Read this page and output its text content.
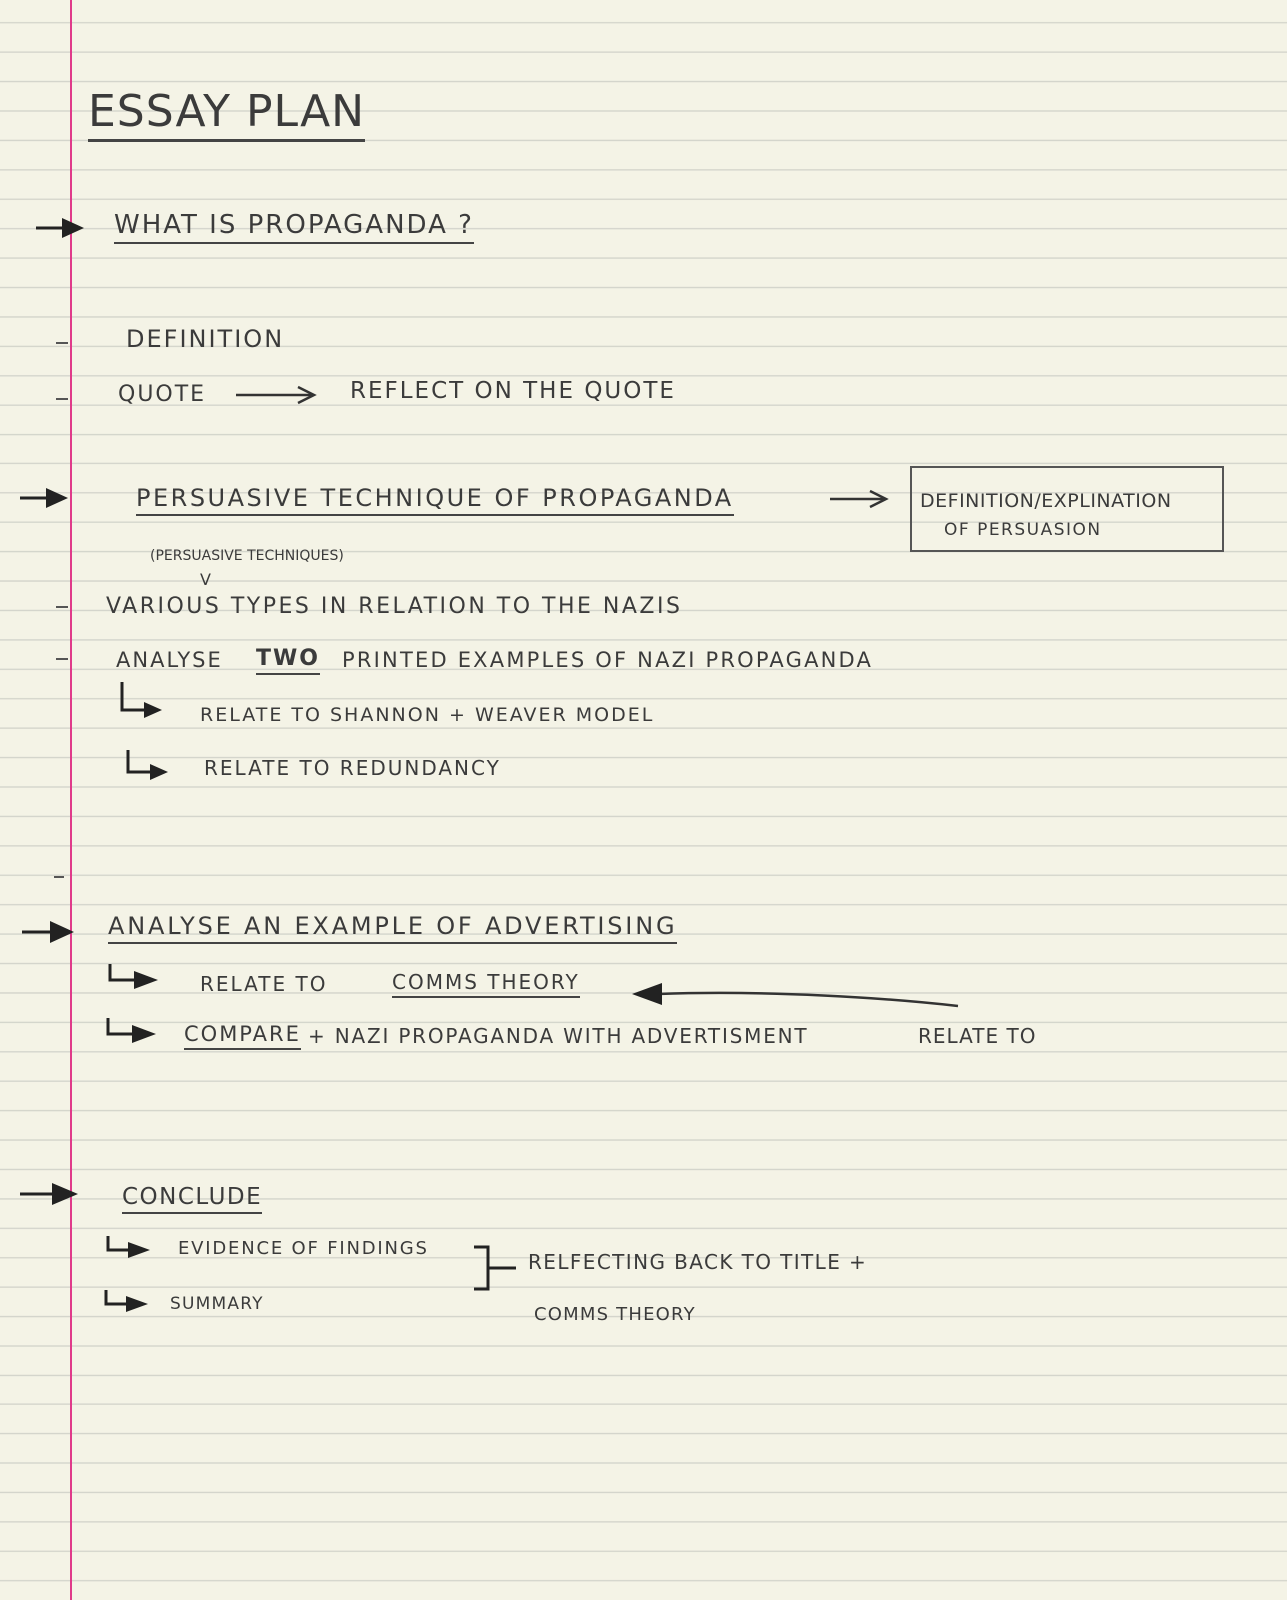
ESSAY PLAN
WHAT IS PROPAGANDA ?
DEFINITION
QUOTE	REFLECT ON THE QUOTE
PERSUASIVE TECHNIQUE OF PROPAGANDA	DEFINITION/EXPLINATION
OF PERSUASION
(PERSUASIVE TECHNIQUES)
V
VARIOUS TYPES IN RELATION TO THE NAZIS
ANALYSE TWO PRINTED EXAMPLES OF NAZI PROPAGANDA
RELATE TO SHANNON + WEAVER MODEL
RELATE TO REDUNDANCY
ANALYSE AN EXAMPLE OF ADVERTISING
RELATE TO	COMMS THEORY
COMPARE + NAZI PROPAGANDA WITH ADVERTISMENT	RELATE TO
CONCLUDE
EVIDENCE OF FINDINGS
SUMMARY
RELFECTING BACK TO TITLE +
COMMS THEORY
